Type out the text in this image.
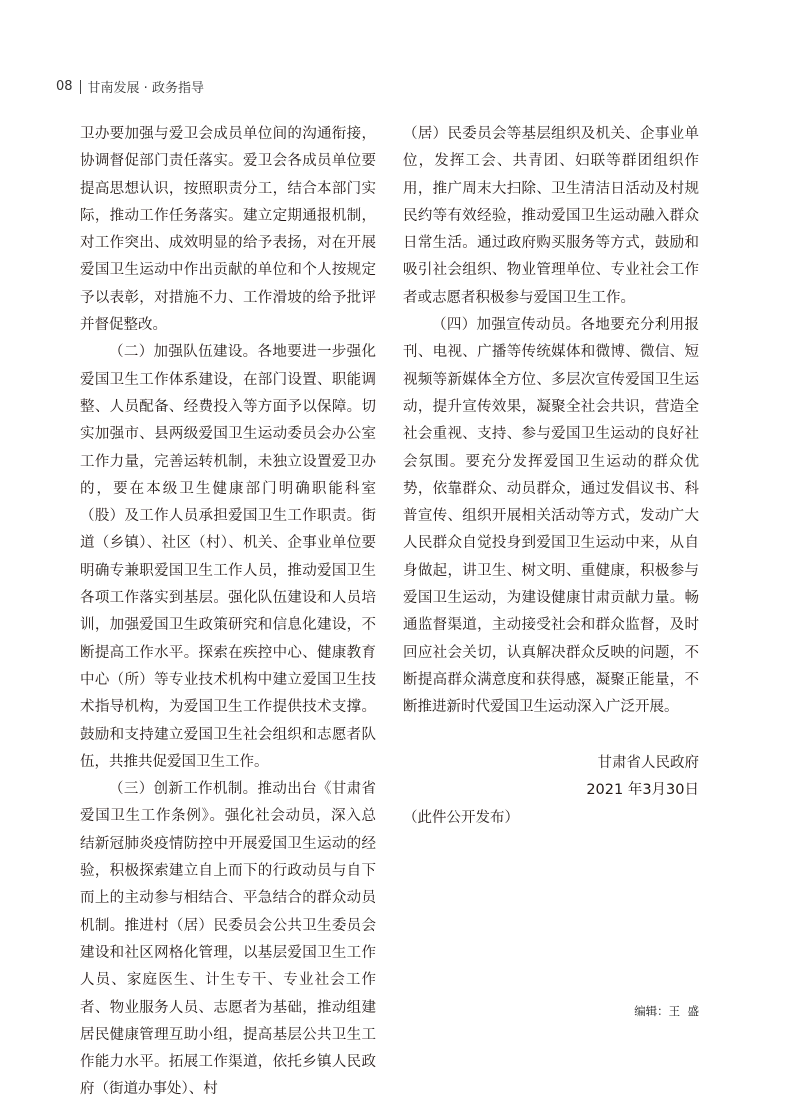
08 甘南发展 · 政务指导

卫办要加强与爱卫会成员单位间的沟通衔接，协调督促部门责任落实。爱卫会各成员单位要提高思想认识，按照职责分工，结合本部门实际，推动工作任务落实。建立定期通报机制，对工作突出、成效明显的给予表扬，对在开展爱国卫生运动中作出贡献的单位和个人按规定予以表彰，对措施不力、工作滑坡的给予批评并督促整改。

（二）加强队伍建设。各地要进一步强化爱国卫生工作体系建设，在部门设置、职能调整、人员配备、经费投入等方面予以保障。切实加强市、县两级爱国卫生运动委员会办公室工作力量，完善运转机制，未独立设置爱卫办的，要在本级卫生健康部门明确职能科室（股）及工作人员承担爱国卫生工作职责。街道（乡镇）、社区（村）、机关、企事业单位要明确专兼职爱国卫生工作人员，推动爱国卫生各项工作落实到基层。强化队伍建设和人员培训，加强爱国卫生政策研究和信息化建设，不断提高工作水平。探索在疾控中心、健康教育中心（所）等专业技术机构中建立爱国卫生技术指导机构，为爱国卫生工作提供技术支撑。鼓励和支持建立爱国卫生社会组织和志愿者队伍，共推共促爱国卫生工作。

（三）创新工作机制。推动出台《甘肃省爱国卫生工作条例》。强化社会动员，深入总结新冠肺炎疫情防控中开展爱国卫生运动的经验，积极探索建立自上而下的行政动员与自下而上的主动参与相结合、平急结合的群众动员机制。推进村（居）民委员会公共卫生委员会建设和社区网格化管理，以基层爱国卫生工作人员、家庭医生、计生专干、专业社会工作者、物业服务人员、志愿者为基础，推动组建居民健康管理互助小组，提高基层公共卫生工作能力水平。拓展工作渠道，依托乡镇人民政府（街道办事处）、村

（居）民委员会等基层组织及机关、企事业单位，发挥工会、共青团、妇联等群团组织作用，推广周末大扫除、卫生清洁日活动及村规民约等有效经验，推动爱国卫生运动融入群众日常生活。通过政府购买服务等方式，鼓励和吸引社会组织、物业管理单位、专业社会工作者或志愿者积极参与爱国卫生工作。

（四）加强宣传动员。各地要充分利用报刊、电视、广播等传统媒体和微博、微信、短视频等新媒体全方位、多层次宣传爱国卫生运动，提升宣传效果，凝聚全社会共识，营造全社会重视、支持、参与爱国卫生运动的良好社会氛围。要充分发挥爱国卫生运动的群众优势，依靠群众、动员群众，通过发倡议书、科普宣传、组织开展相关活动等方式，发动广大人民群众自觉投身到爱国卫生运动中来，从自身做起，讲卫生、树文明、重健康，积极参与爱国卫生运动，为建设健康甘肃贡献力量。畅通监督渠道，主动接受社会和群众监督，及时回应社会关切，认真解决群众反映的问题，不断提高群众满意度和获得感，凝聚正能量，不断推进新时代爱国卫生运动深入广泛开展。

甘肃省人民政府
2021 年3月30日
（此件公开发布）
编辑：王  盛
